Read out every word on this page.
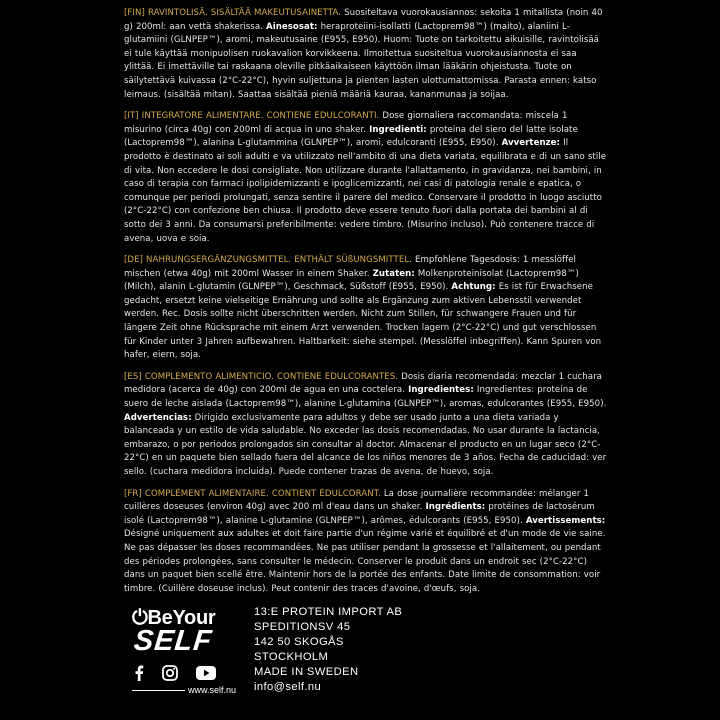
[FIN] RAVINTOLISÄ. SISÄLTÄÄ MAKEUTUSAINETTA. Suositeltava vuorokausiannos: sekoita 1 mitallista (noin 40 g) 200ml: aan vettä shakerissa. Ainesosat: heraproteiini-isollatti (Lactoprem98™) (maito), alaniini L-glutamiini (GLNPEP™), aromi, makeutusaine (E955, E950). Huom: Tuote on tarkoitettu aikuisille, ravintolisää ei tule käyttää monipuolisen ruokavalion korvikkeena. Ilmoitettua suositeltua vuorokausiannosta ei saa ylittää. Ei imettäville tai raskaana oleville pitkäaikaiseen käyttöön ilman lääkärin ohjeistusta. Tuote on säilytettävä kuivassa (2°C-22°C), hyvin suljettuna ja pienten lasten ulottumattomissa. Parasta ennen: katso leimaus. (sisältää mitan). Saattaa sisältää pieniä määriä kauraa, kananmunaa ja soijaa.

[IT] INTEGRATORE ALIMENTARE. CONTIENE EDULCORANTI. Dose giornaliera raccomandata: miscela 1 misurino (circa 40g) con 200ml di acqua in uno shaker. Ingredienti: proteina del siero del latte isolate (Lactoprem98™), alanina L-glutammina (GLNPEP™), aromi, edulcoranti (E955, E950). Avvertenze: Il prodotto è destinato ai soli adulti e va utilizzato nell'ambito di una dieta variata, equilibrata e di un sano stile di vita. Non eccedere le dosi consigliate. Non utilizzare durante l'allattamento, in gravidanza, nei bambini, in caso di terapia con farmaci ipolipidemizzanti e ipoglicemizzanti, nei casi di patologia renale e epatica, o comunque per periodi prolungati, senza sentire il parere del medico. Conservare il prodotto in luogo asciutto (2°C-22°C) con confezione ben chiusa. Il prodotto deve essere tenuto fuori dalla portata dei bambini al di sotto dei 3 anni. Da consumarsi preferibilmente: vedere timbro. (Misurino incluso). Può contenere tracce di avena, uova e soia.

[DE] NAHRUNGSERGÄNZUNGSMITTEL. ENTHÄLT SÜßUNGSMITTEL. Empfohlene Tagesdosis: 1 messlöffel mischen (etwa 40g) mit 200ml Wasser in einem Shaker. Zutaten: Molkenproteinisolat (Lactoprem98™) (Milch), alanin L-glutamin (GLNPEP™), Geschmack, Süßstoff (E955, E950). Achtung: Es ist für Erwachsene gedacht, ersetzt keine vielseitige Ernährung und sollte als Ergänzung zum aktiven Lebensstil verwendet werden. Rec. Dosis sollte nicht überschritten werden. Nicht zum Stillen, für schwangere Frauen und für längere Zeit ohne Rücksprache mit einem Arzt verwenden. Trocken lagern (2°C-22°C) und gut verschlossen für Kinder unter 3 Jahren aufbewahren. Haltbarkeit: siehe stempel. (Messlöffel inbegriffen). Kann Spuren von hafer, eiern, soja.

[ES] COMPLEMENTO ALIMENTICIO. CONTIENE EDULCORANTES. Dosis diaria recomendada: mezclar 1 cuchara medidora (acerca de 40g) con 200ml de agua en una coctelera. Ingredientes: Ingredientes: proteína de suero de leche aislada (Lactoprem98™), alanine L-glutamina (GLNPEP™), aromas, edulcorantes (E955, E950). Advertencias: Dirigido exclusivamente para adultos y debe ser usado junto a una dieta variada y balanceada y un estilo de vida saludable. No exceder las dosis recomendadas. No usar durante la lactancia, embarazo, o por periodos prolongados sin consultar al doctor. Almacenar el producto en un lugar seco (2°C-22°C) en un paquete bien sellado fuera del alcance de los niños menores de 3 años. Fecha de caducidad: ver sello. (cuchara medidora incluida). Puede contener trazas de avena, de huevo, soja.

[FR] COMPLÉMENT ALIMENTAIRE. CONTIENT ÉDULCORANT. La dose journalière recommandée: mélanger 1 cuillères doseuses (environ 40g) avec 200 ml d'eau dans un shaker. Ingrédients: protéines de lactosérum isolé (Lactoprem98™), alanine L-glutamine (GLNPEP™), arômes, édulcorants (E955, E950). Avertissements: Désigné uniquement aux adultes et doit faire partie d'un régime varié et équilibré et d'un mode de vie saine. Ne pas dépasser les doses recommandées. Ne pas utiliser pendant la grossesse et l'allaitement, ou pendant des périodes prolongées, sans consulter le médecin. Conserver le produit dans un endroit sec (2°C-22°C) dans un paquet bien scellé être. Maintenir hors de la portée des enfants. Date limite de consommation: voir timbre. (Cuillère doseuse inclus). Peut contenir des traces d'avoine, d'œufs, soja.

⏻BeYour
SELF
www.self.nu
13:E PROTEIN IMPORT AB
SPEDITIONSV 45
142 50 SKOGÅS
STOCKHOLM
MADE IN SWEDEN
info@self.nu
